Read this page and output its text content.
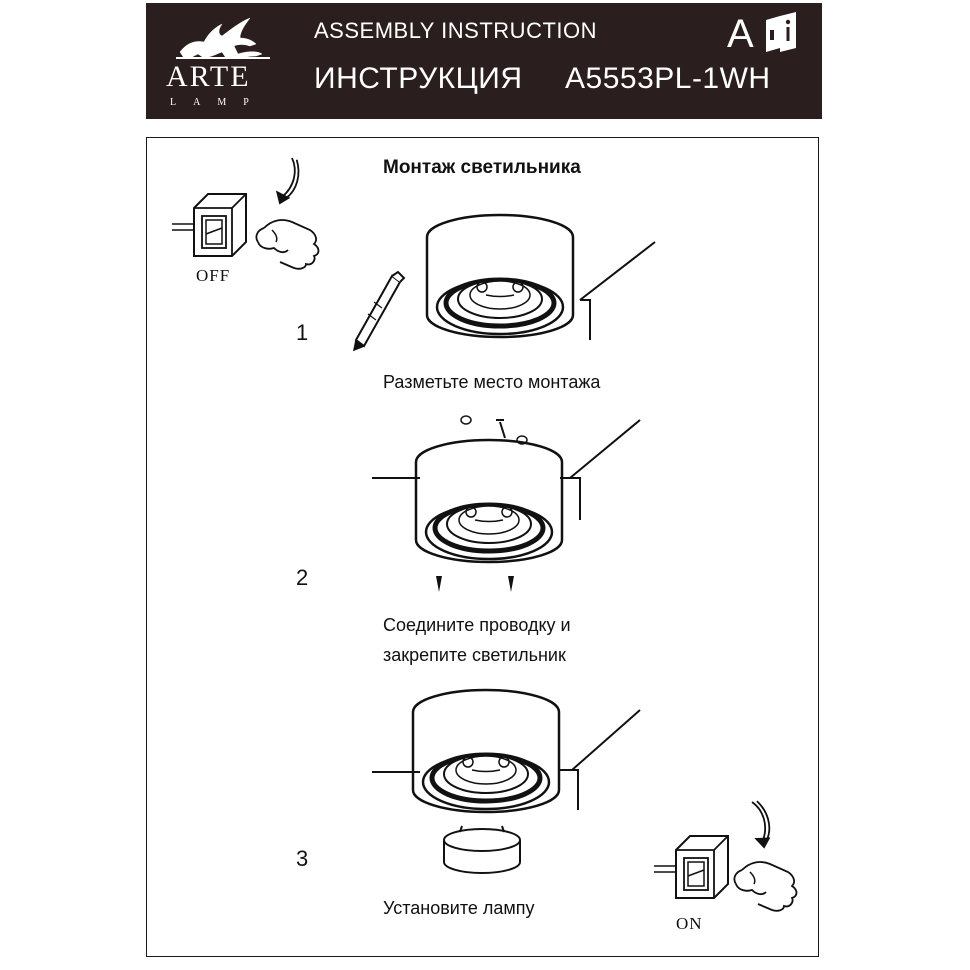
ASSEMBLY INSTRUCTION
ИНСТРУКЦИЯ A5553PL-1WH
A
ARTE
LAMP
Монтаж светильника
OFF
ON
1
Разметьте место монтажа
2
Соедините проводку и
закрепите светильник
3
Установите лампу
